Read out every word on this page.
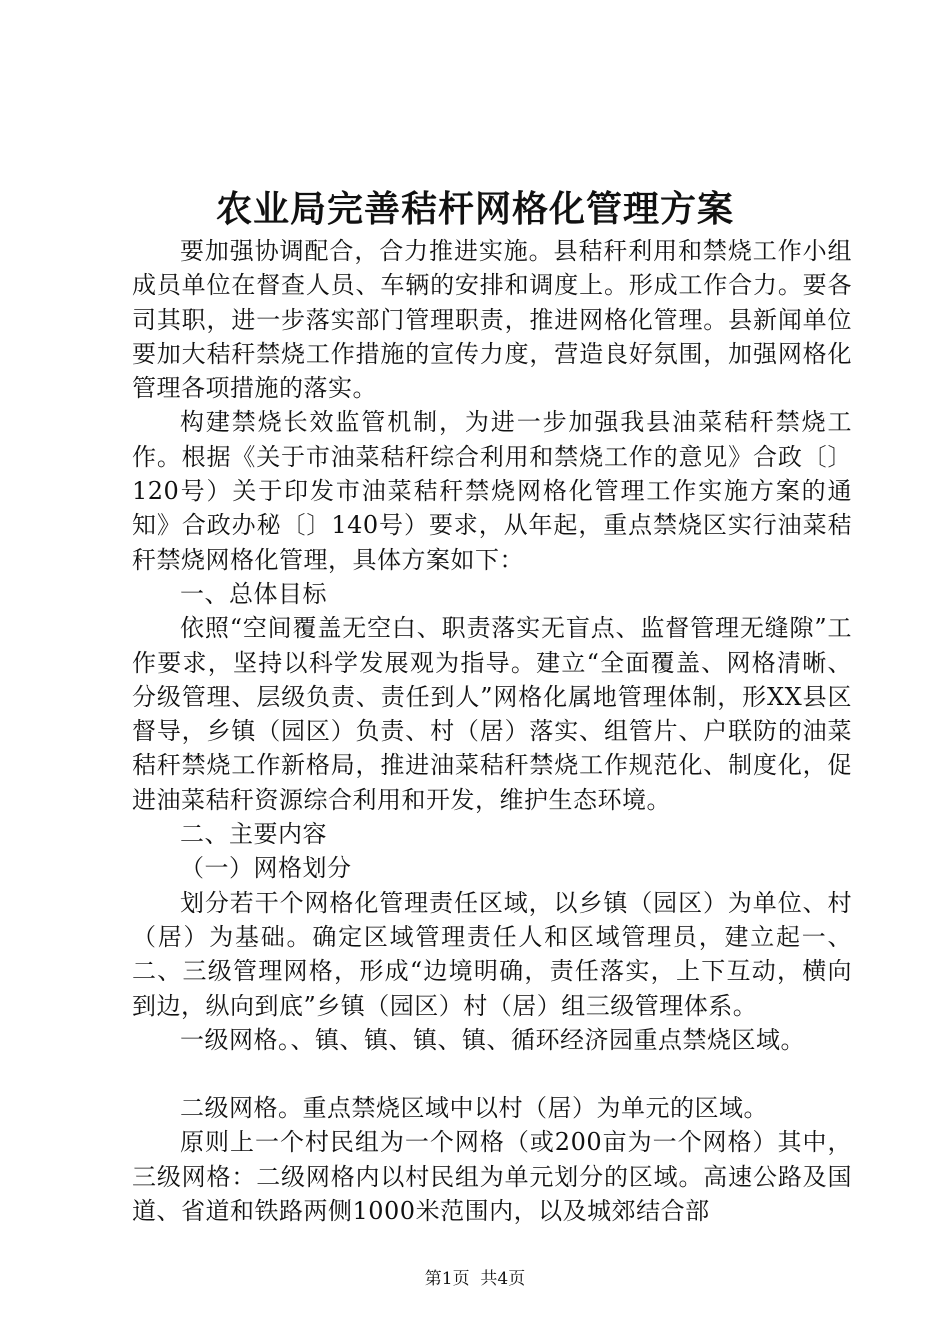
农业局完善秸杆网格化管理方案

要加强协调配合，合力推进实施。县秸秆利用和禁烧工作小组成员单位在督查人员、车辆的安排和调度上。形成工作合力。要各司其职，进一步落实部门管理职责，推进网格化管理。县新闻单位要加大秸秆禁烧工作措施的宣传力度，营造良好氛围，加强网格化管理各项措施的落实。

构建禁烧长效监管机制，为进一步加强我县油菜秸秆禁烧工作。根据《关于市油菜秸秆综合利用和禁烧工作的意见》合政〔〕120号）关于印发市油菜秸秆禁烧网格化管理工作实施方案的通知》合政办秘〔〕140号）要求，从年起，重点禁烧区实行油菜秸秆禁烧网格化管理，具体方案如下：

一、总体目标

依照“空间覆盖无空白、职责落实无盲点、监督管理无缝隙”工作要求，坚持以科学发展观为指导。建立“全面覆盖、网格清晰、分级管理、层级负责、责任到人”网格化属地管理体制，形XX县区督导，乡镇（园区）负责、村（居）落实、组管片、户联防的油菜秸秆禁烧工作新格局，推进油菜秸秆禁烧工作规范化、制度化，促进油菜秸秆资源综合利用和开发，维护生态环境。

二、主要内容

（一）网格划分

划分若干个网格化管理责任区域，以乡镇（园区）为单位、村（居）为基础。确定区域管理责任人和区域管理员，建立起一、二、三级管理网格，形成“边境明确，责任落实，上下互动，横向到边，纵向到底”乡镇（园区）村（居）组三级管理体系。

一级网格。、镇、镇、镇、镇、循环经济园重点禁烧区域。

二级网格。重点禁烧区域中以村（居）为单元的区域。

原则上一个村民组为一个网格（或200亩为一个网格）其中，三级网格：二级网格内以村民组为单元划分的区域。高速公路及国道、省道和铁路两侧1000米范围内，以及城郊结合部

第1页 共4页
